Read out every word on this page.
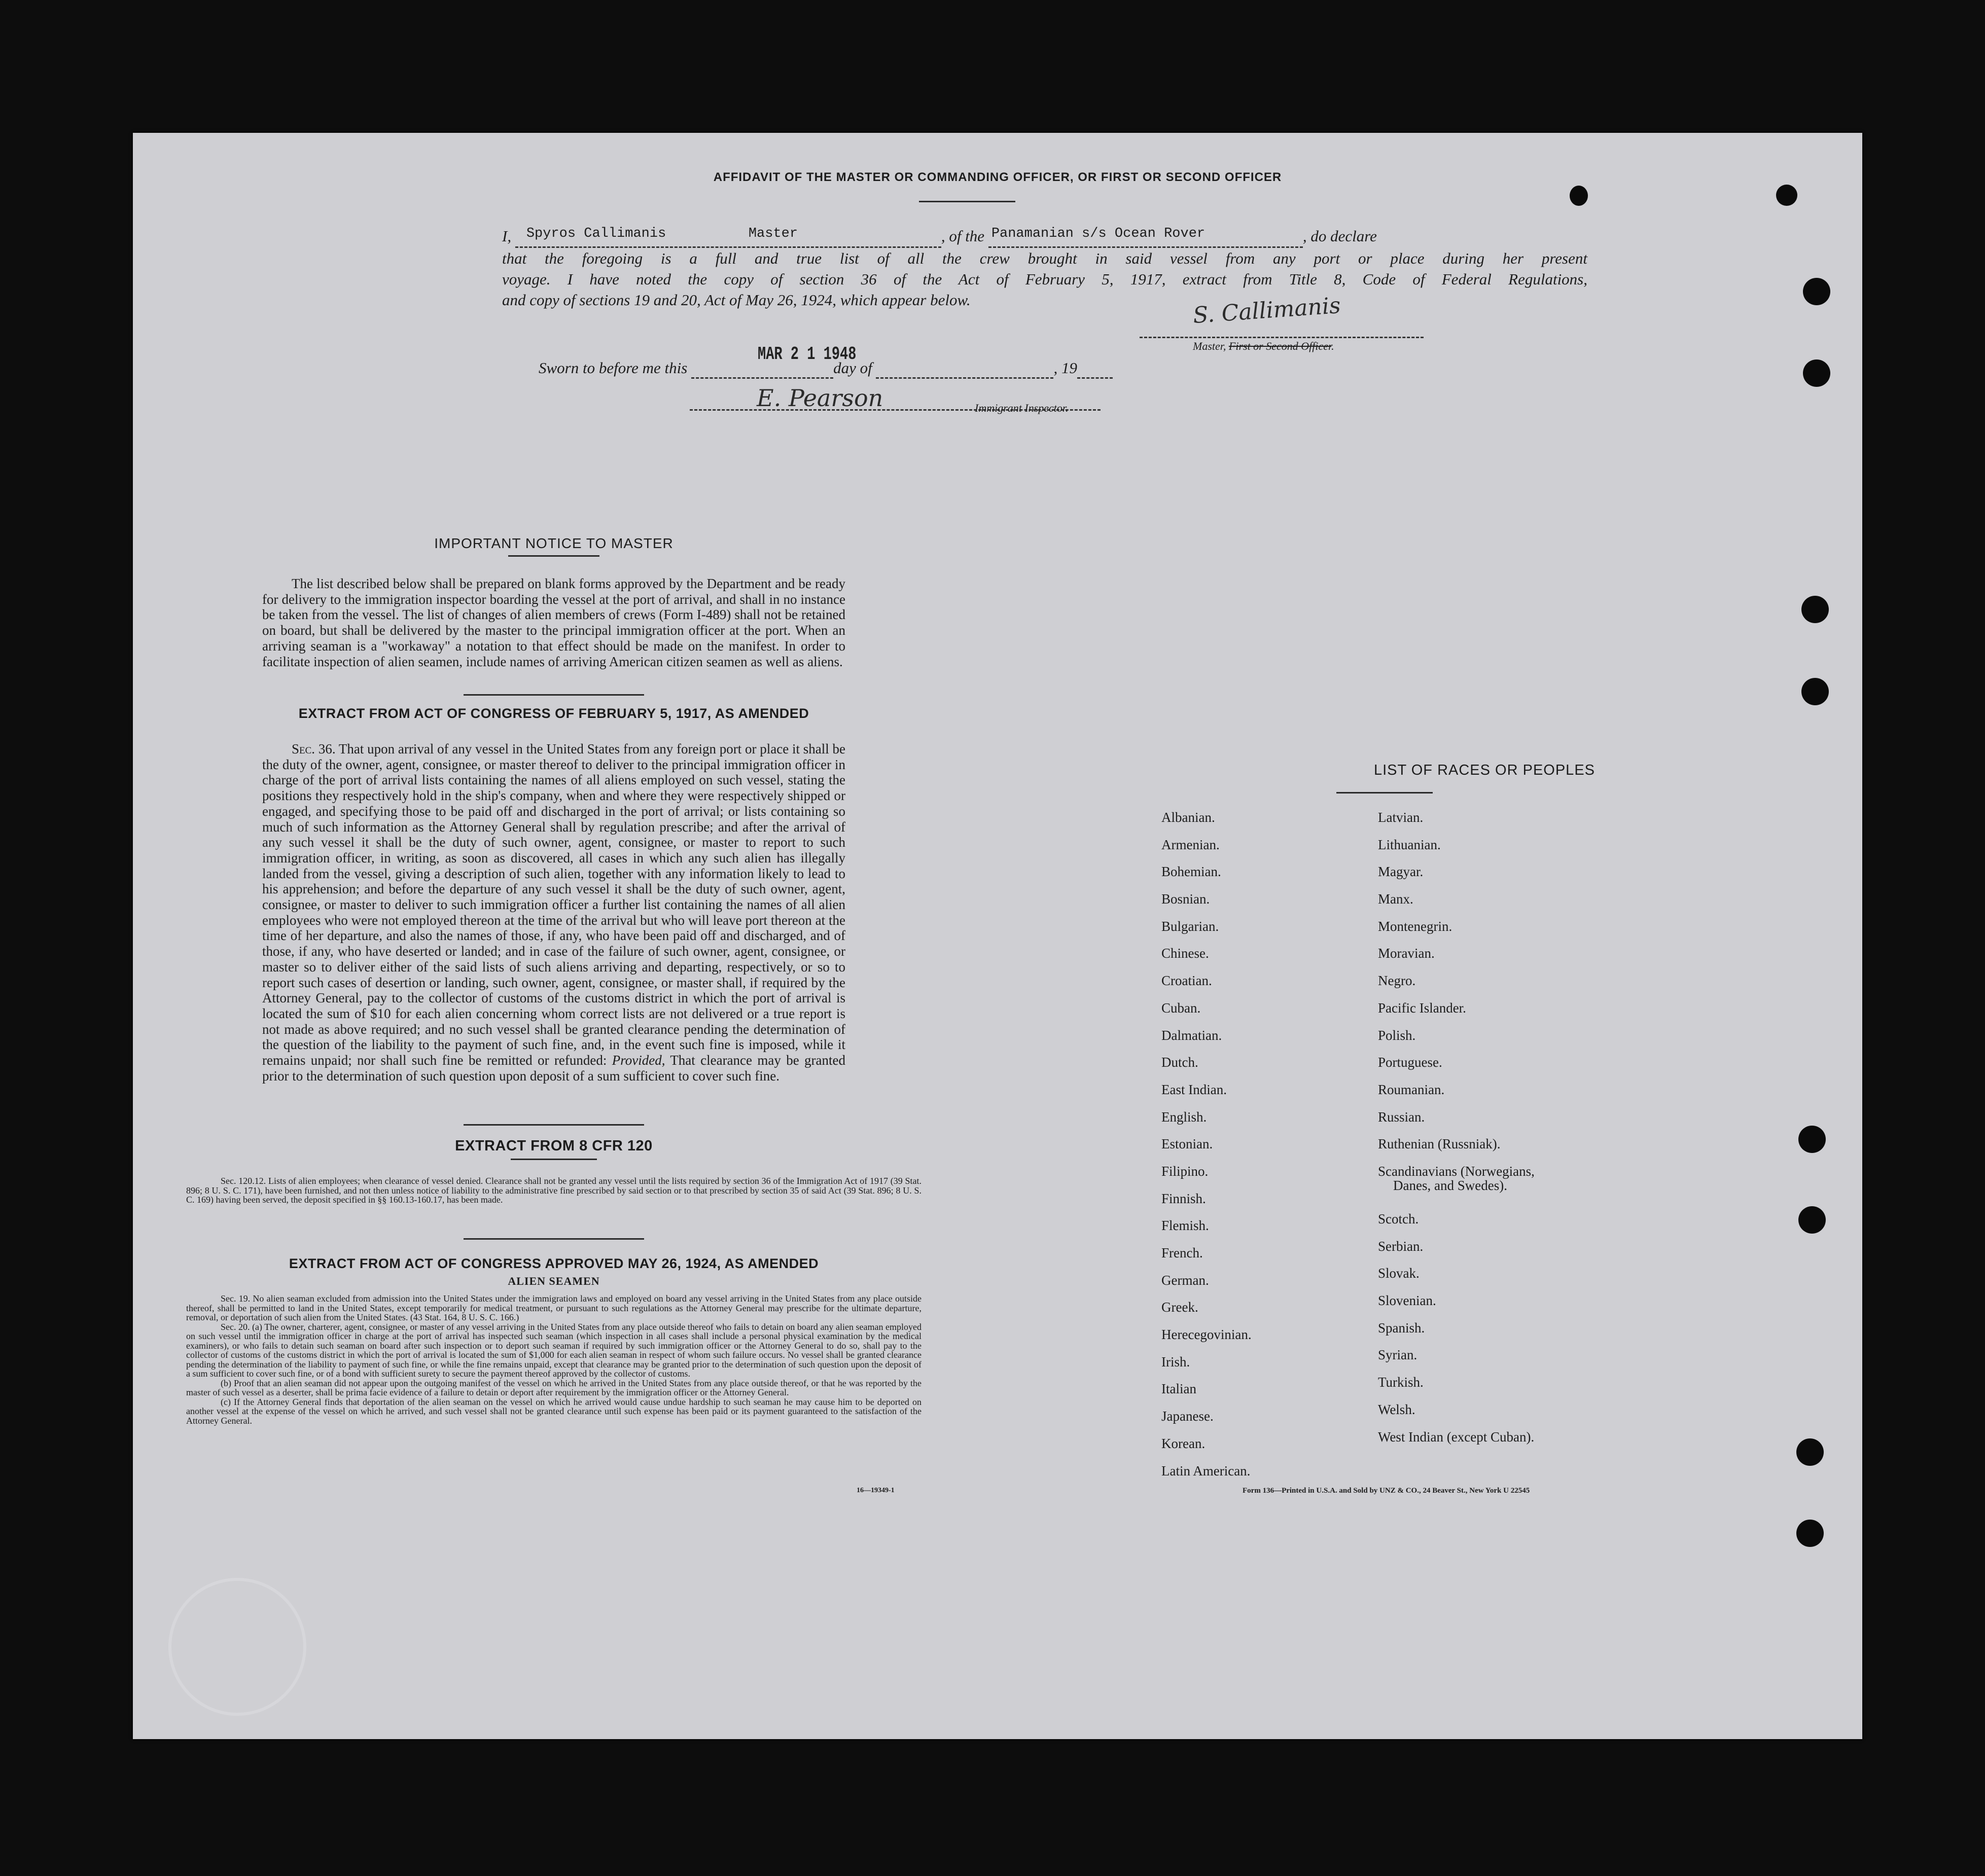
AFFIDAVIT OF THE MASTER OR COMMANDING OFFICER, OR FIRST OR SECOND OFFICER
I, Spyros Callimanis	Master	, of the Panamanian s/s Ocean Rover	, do declare
that the foregoing is a full and true list of all the crew brought in said vessel from any port or place during her present
voyage. I have noted the copy of section 36 of the Act of February 5, 1917, extract from Title 8, Code of Federal Regulations,
and copy of sections 19 and 20, Act of May 26, 1924, which appear below.	S. Callimanis
Master, First or Second Officer.
Sworn to before me this	day of	, 19
MAR 2 1 1948
E. Pearson	Immigrant Inspector.
IMPORTANT NOTICE TO MASTER
The list described below shall be prepared on blank forms approved by the Department and be ready for delivery to the immigration inspector boarding the vessel at the port of arrival, and shall in no instance be taken from the vessel. The list of changes of alien members of crews (Form I-489) shall not be retained on board, but shall be delivered by the master to the principal immigration officer at the port. When an arriving seaman is a "workaway" a notation to that effect should be made on the manifest. In order to facilitate inspection of alien seamen, include names of arriving American citizen seamen as well as aliens.
EXTRACT FROM ACT OF CONGRESS OF FEBRUARY 5, 1917, AS AMENDED
Sec. 36. That upon arrival of any vessel in the United States from any foreign port or place it shall be the duty of the owner, agent, consignee, or master thereof to deliver to the principal immigration officer in charge of the port of arrival lists containing the names of all aliens employed on such vessel, stating the positions they respectively hold in the ship's company, when and where they were respectively shipped or engaged, and specifying those to be paid off and discharged in the port of arrival; or lists containing so much of such information as the Attorney General shall by regulation prescribe; and after the arrival of any such vessel it shall be the duty of such owner, agent, consignee, or master to report to such immigration officer, in writing, as soon as discovered, all cases in which any such alien has illegally landed from the vessel, giving a description of such alien, together with any information likely to lead to his apprehension; and before the departure of any such vessel it shall be the duty of such owner, agent, consignee, or master to deliver to such immigration officer a further list containing the names of all alien employees who were not employed thereon at the time of the arrival but who will leave port thereon at the time of her departure, and also the names of those, if any, who have been paid off and discharged, and of those, if any, who have deserted or landed; and in case of the failure of such owner, agent, consignee, or master so to deliver either of the said lists of such aliens arriving and departing, respectively, or so to report such cases of desertion or landing, such owner, agent, consignee, or master shall, if required by the Attorney General, pay to the collector of customs of the customs district in which the port of arrival is located the sum of $10 for each alien concerning whom correct lists are not delivered or a true report is not made as above required; and no such vessel shall be granted clearance pending the determination of the question of the liability to the payment of such fine, and, in the event such fine is imposed, while it remains unpaid; nor shall such fine be remitted or refunded: Provided, That clearance may be granted prior to the determination of such question upon deposit of a sum sufficient to cover such fine.
EXTRACT FROM 8 CFR 120
Sec. 120.12. Lists of alien employees; when clearance of vessel denied. Clearance shall not be granted any vessel until the lists required by section 36 of the Immigration Act of 1917 (39 Stat. 896; 8 U. S. C. 171), have been furnished, and not then unless notice of liability to the administrative fine prescribed by said section or to that prescribed by section 35 of said Act (39 Stat. 896; 8 U. S. C. 169) having been served, the deposit specified in §§ 160.13-160.17, has been made.
EXTRACT FROM ACT OF CONGRESS APPROVED MAY 26, 1924, AS AMENDED
ALIEN SEAMEN

Sec. 19. No alien seaman excluded from admission into the United States under the immigration laws and employed on board any vessel arriving in the United States from any place outside thereof, shall be permitted to land in the United States, except temporarily for medical treatment, or pursuant to such regulations as the Attorney General may prescribe for the ultimate departure, removal, or deportation of such alien from the United States. (43 Stat. 164, 8 U. S. C. 166.)

Sec. 20. (a) The owner, charterer, agent, consignee, or master of any vessel arriving in the United States from any place outside thereof who fails to detain on board any alien seaman employed on such vessel until the immigration officer in charge at the port of arrival has inspected such seaman (which inspection in all cases shall include a personal physical examination by the medical examiners), or who fails to detain such seaman on board after such inspection or to deport such seaman if required by such immigration officer or the Attorney General to do so, shall pay to the collector of customs of the customs district in which the port of arrival is located the sum of $1,000 for each alien seaman in respect of whom such failure occurs. No vessel shall be granted clearance pending the determination of the liability to payment of such fine, or while the fine remains unpaid, except that clearance may be granted prior to the determination of such question upon the deposit of a sum sufficient to cover such fine, or of a bond with sufficient surety to secure the payment thereof approved by the collector of customs.

(b) Proof that an alien seaman did not appear upon the outgoing manifest of the vessel on which he arrived in the United States from any place outside thereof, or that he was reported by the master of such vessel as a deserter, shall be prima facie evidence of a failure to detain or deport after requirement by the immigration officer or the Attorney General.

(c) If the Attorney General finds that deportation of the alien seaman on the vessel on which he arrived would cause undue hardship to such seaman he may cause him to be deported on another vessel at the expense of the vessel on which he arrived, and such vessel shall not be granted clearance until such expense has been paid or its payment guaranteed to the satisfaction of the Attorney General.

16—19349-1
LIST OF RACES OR PEOPLES
Albanian.
Armenian.
Bohemian.
Bosnian.
Bulgarian.
Chinese.
Croatian.
Cuban.
Dalmatian.
Dutch.
East Indian.
English.
Estonian.
Filipino.
Finnish.
Flemish.
French.
German.
Greek.
Herecegovinian.
Irish.
Italian
Japanese.
Korean.
Latin American.
Latvian.
Lithuanian.
Magyar.
Manx.
Montenegrin.
Moravian.
Negro.
Pacific Islander.
Polish.
Portuguese.
Roumanian.
Russian.
Ruthenian (Russniak).
Scandinavians (Norwegians,
Danes, and Swedes).
Scotch.
Serbian.
Slovak.
Slovenian.
Spanish.
Syrian.
Turkish.
Welsh.
West Indian (except Cuban).
Form 136—Printed in U.S.A. and Sold by UNZ & CO., 24 Beaver St., New York U 22545
